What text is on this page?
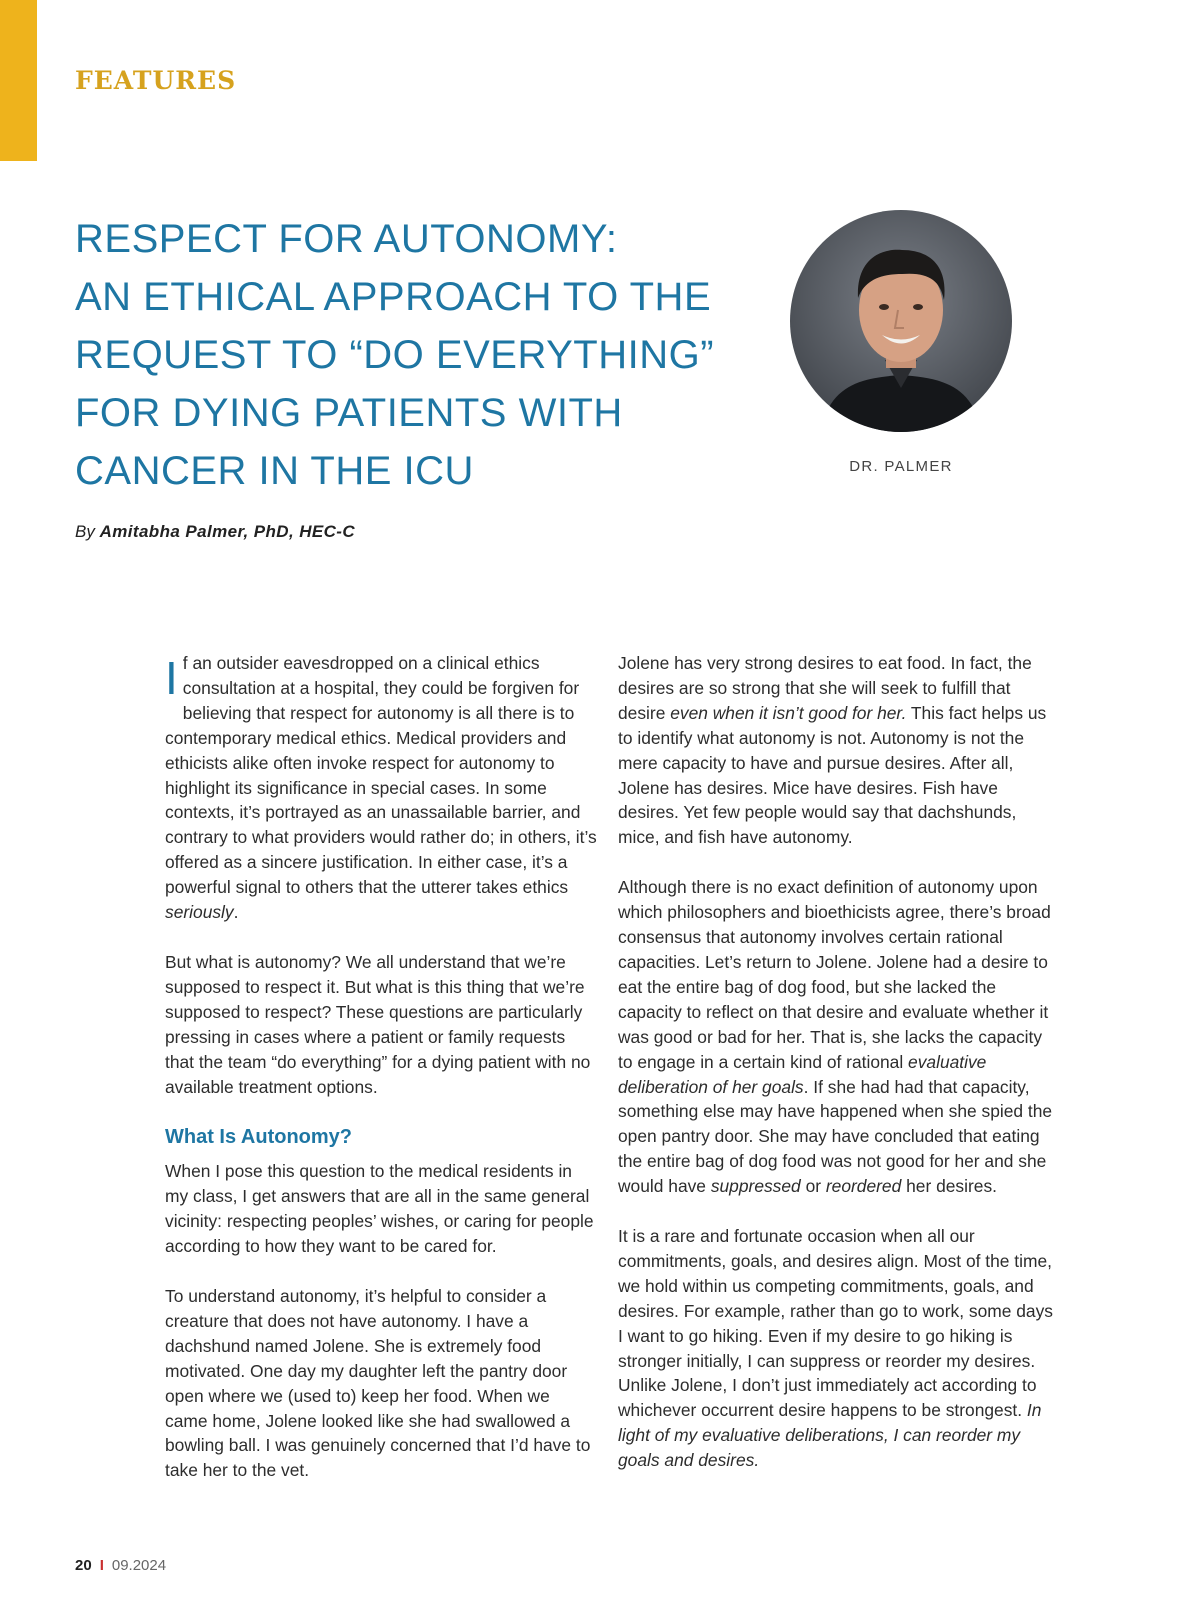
FEATURES
RESPECT FOR AUTONOMY:
AN ETHICAL APPROACH TO THE
REQUEST TO “DO EVERYTHING”
FOR DYING PATIENTS WITH
CANCER IN THE ICU	DR. PALMER
By Amitabha Palmer, PhD, HEC-C

If an outsider eavesdropped on a clinical ethics consultation at a hospital, they could be forgiven for believing that respect for autonomy is all there is to contemporary medical ethics. Medical providers and ethicists alike often invoke respect for autonomy to highlight its significance in special cases. In some contexts, it’s portrayed as an unassailable barrier, and contrary to what providers would rather do; in others, it’s offered as a sincere justification. In either case, it’s a powerful signal to others that the utterer takes ethics seriously.

But what is autonomy? We all understand that we’re supposed to respect it. But what is this thing that we’re supposed to respect? These questions are particularly pressing in cases where a patient or family requests that the team “do everything” for a dying patient with no available treatment options.

What Is Autonomy?

When I pose this question to the medical residents in my class, I get answers that are all in the same general vicinity: respecting peoples’ wishes, or caring for people according to how they want to be cared for.

To understand autonomy, it’s helpful to consider a creature that does not have autonomy. I have a dachshund named Jolene. She is extremely food motivated. One day my daughter left the pantry door open where we (used to) keep her food. When we came home, Jolene looked like she had swallowed a bowling ball. I was genuinely concerned that I’d have to take her to the vet.

Jolene has very strong desires to eat food. In fact, the desires are so strong that she will seek to fulfill that desire even when it isn’t good for her. This fact helps us to identify what autonomy is not. Autonomy is not the mere capacity to have and pursue desires. After all, Jolene has desires. Mice have desires. Fish have desires. Yet few people would say that dachshunds, mice, and fish have autonomy.

Although there is no exact definition of autonomy upon which philosophers and bioethicists agree, there’s broad consensus that autonomy involves certain rational capacities. Let’s return to Jolene. Jolene had a desire to eat the entire bag of dog food, but she lacked the capacity to reflect on that desire and evaluate whether it was good or bad for her. That is, she lacks the capacity to engage in a certain kind of rational evaluative deliberation of her goals. If she had had that capacity, something else may have happened when she spied the open pantry door. She may have concluded that eating the entire bag of dog food was not good for her and she would have suppressed or reordered her desires.

It is a rare and fortunate occasion when all our commitments, goals, and desires align. Most of the time, we hold within us competing commitments, goals, and desires. For example, rather than go to work, some days I want to go hiking. Even if my desire to go hiking is stronger initially, I can suppress or reorder my desires. Unlike Jolene, I don’t just immediately act according to whichever occurrent desire happens to be strongest. In light of my evaluative deliberations, I can reorder my goals and desires.

20 I 09.2024
